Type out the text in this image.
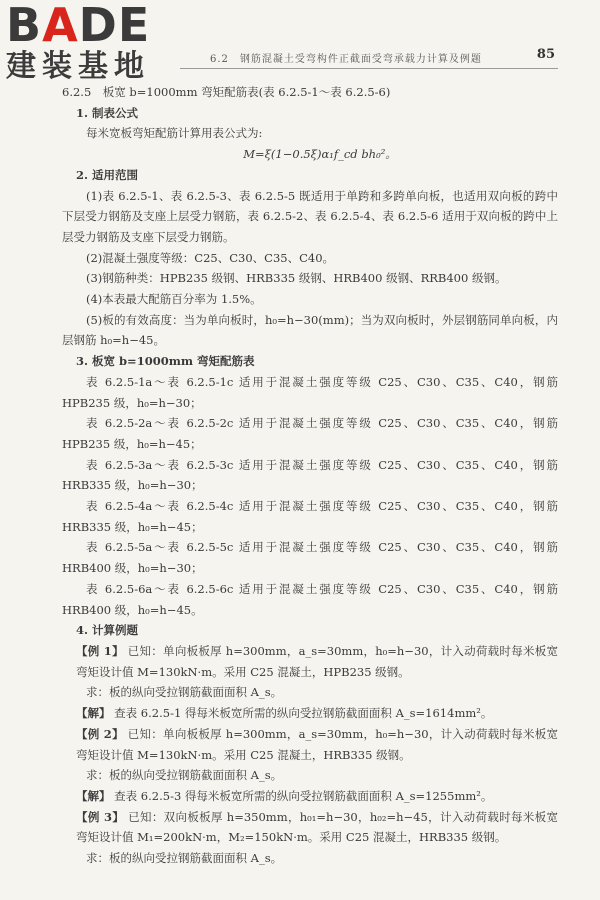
BADE
建装基地	6.2　钢筋混凝土受弯构件正截面受弯承载力计算及例题	85

6.2.5　板宽 b=1000mm 弯矩配筋表(表 6.2.5-1～表 6.2.5-6)

1. 制表公式

每米宽板弯矩配筋计算用表公式为:

M=ξ(1−0.5ξ)α₁f_cd bh₀²。

2. 适用范围

(1)表 6.2.5-1、表 6.2.5-3、表 6.2.5-5 既适用于单跨和多跨单向板，也适用双向板的跨中下层受力钢筋及支座上层受力钢筋，表 6.2.5-2、表 6.2.5-4、表 6.2.5-6 适用于双向板的跨中上层受力钢筋及支座下层受力钢筋。

(2)混凝土强度等级：C25、C30、C35、C40。

(3)钢筋种类：HPB235 级钢、HRB335 级钢、HRB400 级钢、RRB400 级钢。

(4)本表最大配筋百分率为 1.5%。

(5)板的有效高度：当为单向板时，h₀=h−30(mm)；当为双向板时，外层钢筋同单向板，内层钢筋 h₀=h−45。

3. 板宽 b=1000mm 弯矩配筋表

表 6.2.5-1a～表 6.2.5-1c 适用于混凝土强度等级 C25、C30、C35、C40，钢筋 HPB235 级，h₀=h−30；

表 6.2.5-2a～表 6.2.5-2c 适用于混凝土强度等级 C25、C30、C35、C40，钢筋 HPB235 级，h₀=h−45；

表 6.2.5-3a～表 6.2.5-3c 适用于混凝土强度等级 C25、C30、C35、C40，钢筋 HRB335 级，h₀=h−30；

表 6.2.5-4a～表 6.2.5-4c 适用于混凝土强度等级 C25、C30、C35、C40，钢筋 HRB335 级，h₀=h−45；

表 6.2.5-5a～表 6.2.5-5c 适用于混凝土强度等级 C25、C30、C35、C40，钢筋 HRB400 级，h₀=h−30；

表 6.2.5-6a～表 6.2.5-6c 适用于混凝土强度等级 C25、C30、C35、C40，钢筋 HRB400 级，h₀=h−45。

4. 计算例题

【例 1】 已知：单向板板厚 h=300mm，a_s=30mm，h₀=h−30，计入动荷载时每米板宽弯矩设计值 M=130kN·m。采用 C25 混凝土，HPB235 级钢。

求：板的纵向受拉钢筋截面面积 A_s。

【解】 查表 6.2.5-1 得每米板宽所需的纵向受拉钢筋截面面积 A_s=1614mm²。

【例 2】 已知：单向板板厚 h=300mm，a_s=30mm，h₀=h−30，计入动荷载时每米板宽弯矩设计值 M=130kN·m。采用 C25 混凝土，HRB335 级钢。

求：板的纵向受拉钢筋截面面积 A_s。

【解】 查表 6.2.5-3 得每米板宽所需的纵向受拉钢筋截面面积 A_s=1255mm²。

【例 3】 已知：双向板板厚 h=350mm，h₀₁=h−30，h₀₂=h−45，计入动荷载时每米板宽弯矩设计值 M₁=200kN·m，M₂=150kN·m。采用 C25 混凝土，HRB335 级钢。

求：板的纵向受拉钢筋截面面积 A_s。
